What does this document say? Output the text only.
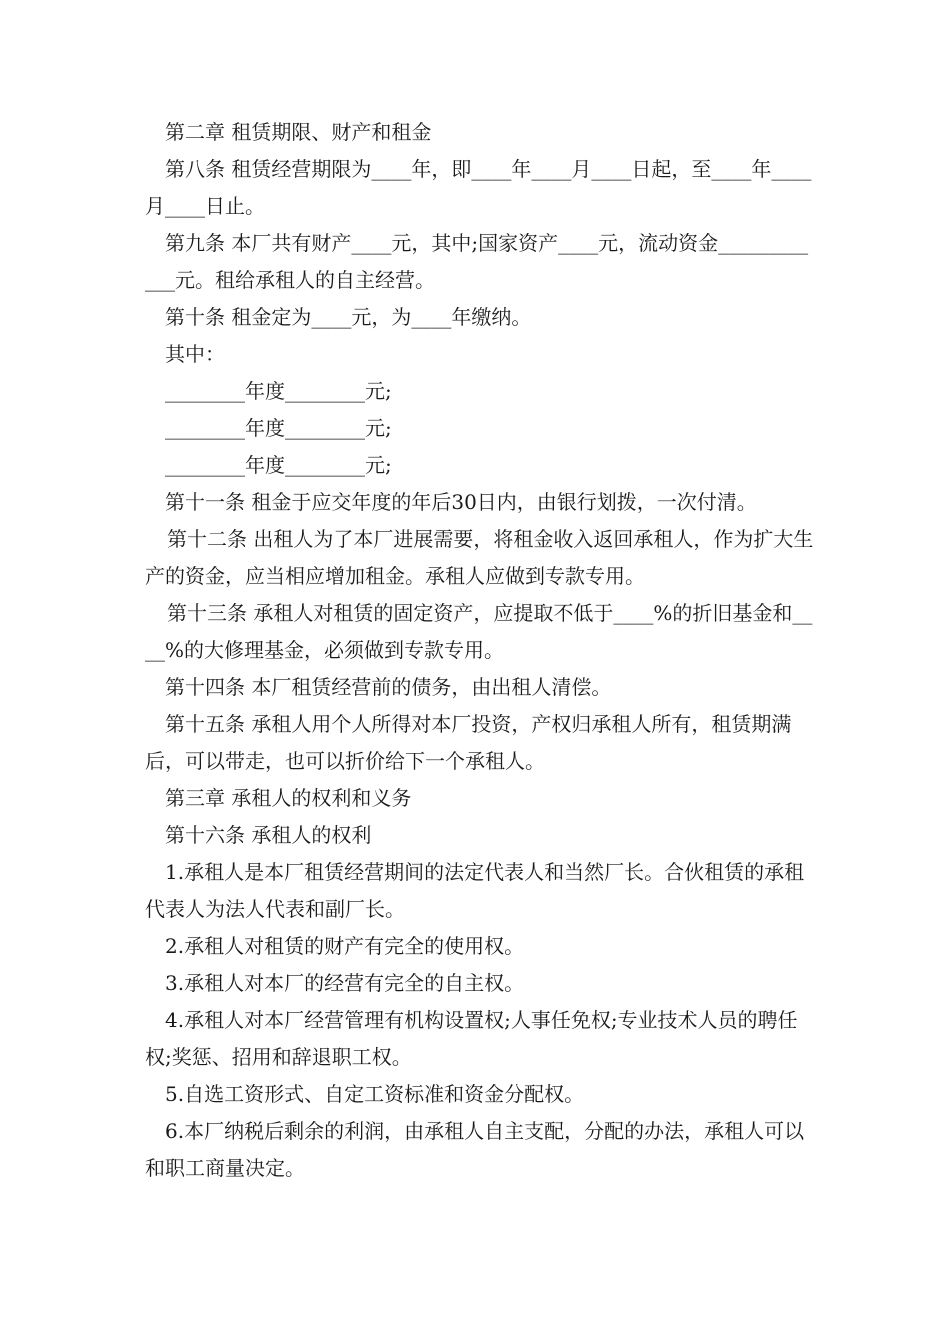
第二章 租赁期限、财产和租金

第八条 租赁经营期限为____年，即____年____月____日起，至____年____月____日止。

第九条 本厂共有财产____元，其中;国家资产____元，流动资金____________元。租给承租人的自主经营。

第十条 租金定为____元，为____年缴纳。

其中：

________年度________元;

________年度________元;

________年度________元;

第十一条 租金于应交年度的年后30日内，由银行划拨，一次付清。

第十二条 出租人为了本厂进展需要，将租金收入返回承租人，作为扩大生产的资金，应当相应增加租金。承租人应做到专款专用。

第十三条 承租人对租赁的固定资产，应提取不低于____%的折旧基金和____%的大修理基金，必须做到专款专用。

第十四条 本厂租赁经营前的债务，由出租人清偿。

第十五条 承租人用个人所得对本厂投资，产权归承租人所有，租赁期满后，可以带走，也可以折价给下一个承租人。

第三章 承租人的权利和义务

第十六条 承租人的权利

1.承租人是本厂租赁经营期间的法定代表人和当然厂长。合伙租赁的承租代表人为法人代表和副厂长。

2.承租人对租赁的财产有完全的使用权。

3.承租人对本厂的经营有完全的自主权。

4.承租人对本厂经营管理有机构设置权;人事任免权;专业技术人员的聘任权;奖惩、招用和辞退职工权。

5.自选工资形式、自定工资标准和资金分配权。

6.本厂纳税后剩余的利润，由承租人自主支配，分配的办法，承租人可以和职工商量决定。
